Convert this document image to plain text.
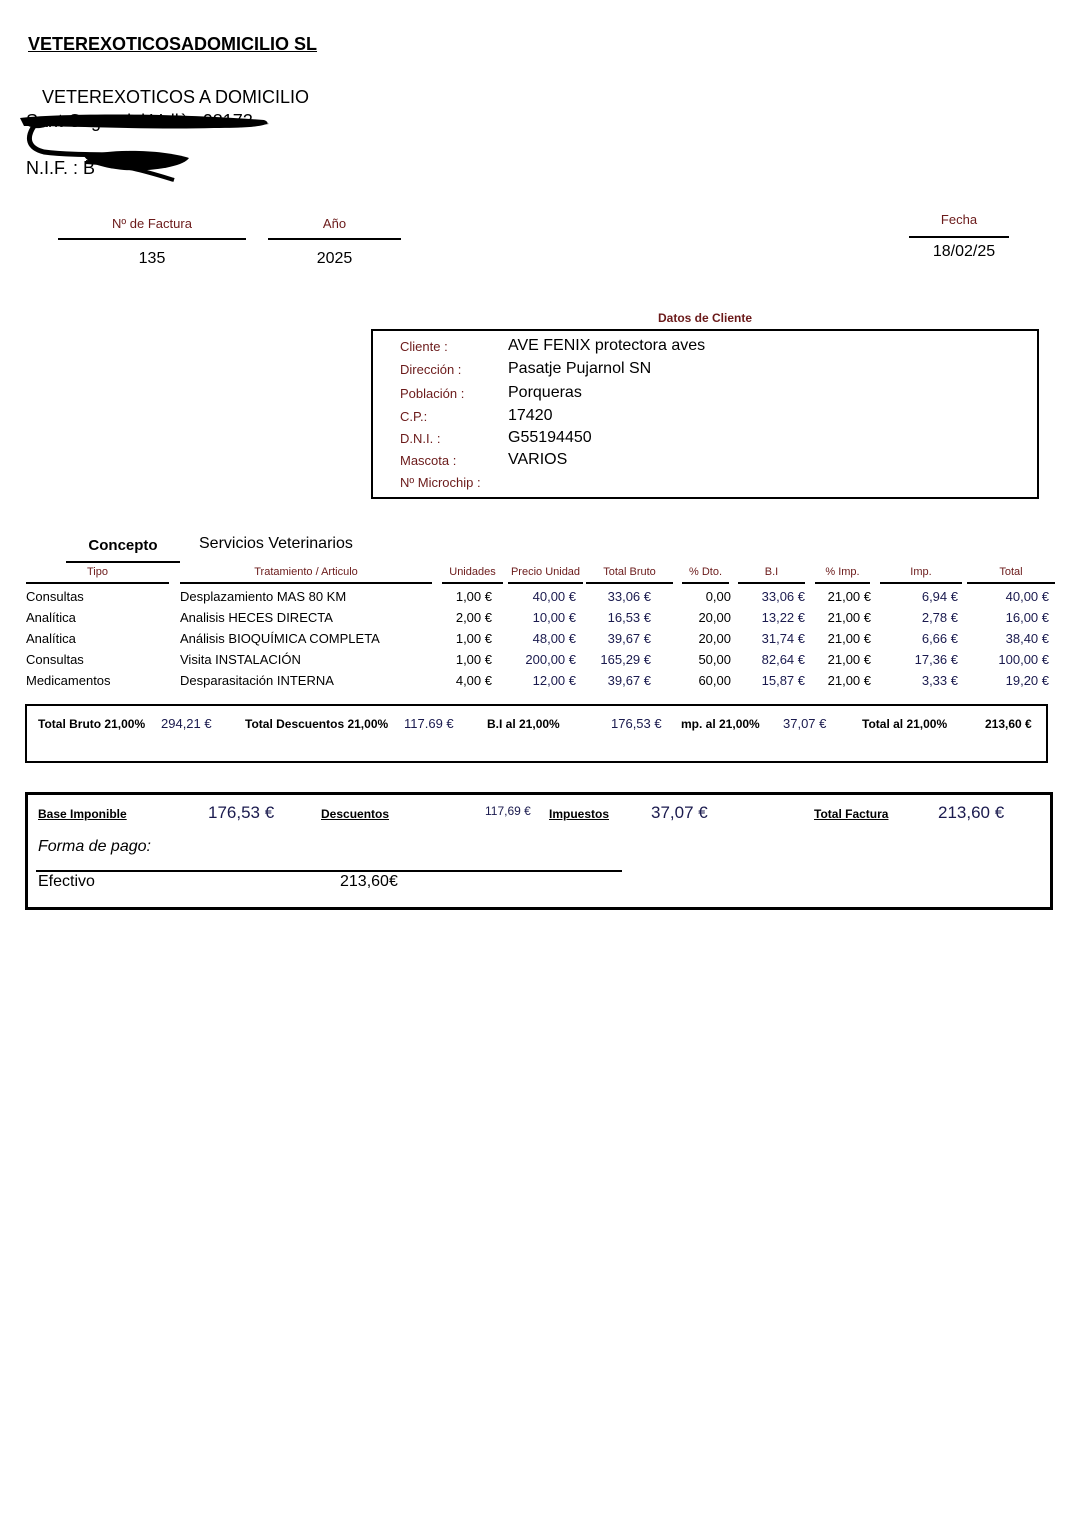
VETEREXOTICOSADOMICILIO SL
VETEREXOTICOS A DOMICILIO
N.I.F. : B
Nº de Factura
135
Año
2025
Fecha
18/02/25
Datos de Cliente
Cliente :	AVE FENIX protectora aves
Dirección :	Pasatje Pujarnol SN
Población :	Porqueras
C.P.:	17420
D.N.I. :	G55194450
Mascota :	VARIOS
Nº Microchip :
Concepto	Servicios Veterinarios
Tipo	Tratamiento / Articulo	Unidades	Precio Unidad	Total Bruto	% Dto.	B.I	% Imp.	Imp.	Total
Consultas	Desplazamiento MAS 80 KM	1,00 €	40,00 €	33,06 €	0,00	33,06 €	21,00 €	6,94 €	40,00 €
Analítica	Analisis HECES DIRECTA	2,00 €	10,00 €	16,53 €	20,00	13,22 €	21,00 €	2,78 €	16,00 €
Analítica	Análisis BIOQUÍMICA COMPLETA	1,00 €	48,00 €	39,67 €	20,00	31,74 €	21,00 €	6,66 €	38,40 €
Consultas	Visita INSTALACIÓN	1,00 €	200,00 €	165,29 €	50,00	82,64 €	21,00 €	17,36 €	100,00 €
Medicamentos	Desparasitación INTERNA	4,00 €	12,00 €	39,67 €	60,00	15,87 €	21,00 €	3,33 €	19,20 €
Total Bruto 21,00% 294,21 €	Total Descuentos 21,00% 117.69 €	B.I al 21,00%	176,53 € mp. al 21,00% 37,07 €	Total al 21,00%	213,60 €
Base Imponible	176,53 €	Descuentos	117,69 € Impuestos 37,07 €	Total Factura	213,60 €
Forma de pago:
Efectivo	213,60€
